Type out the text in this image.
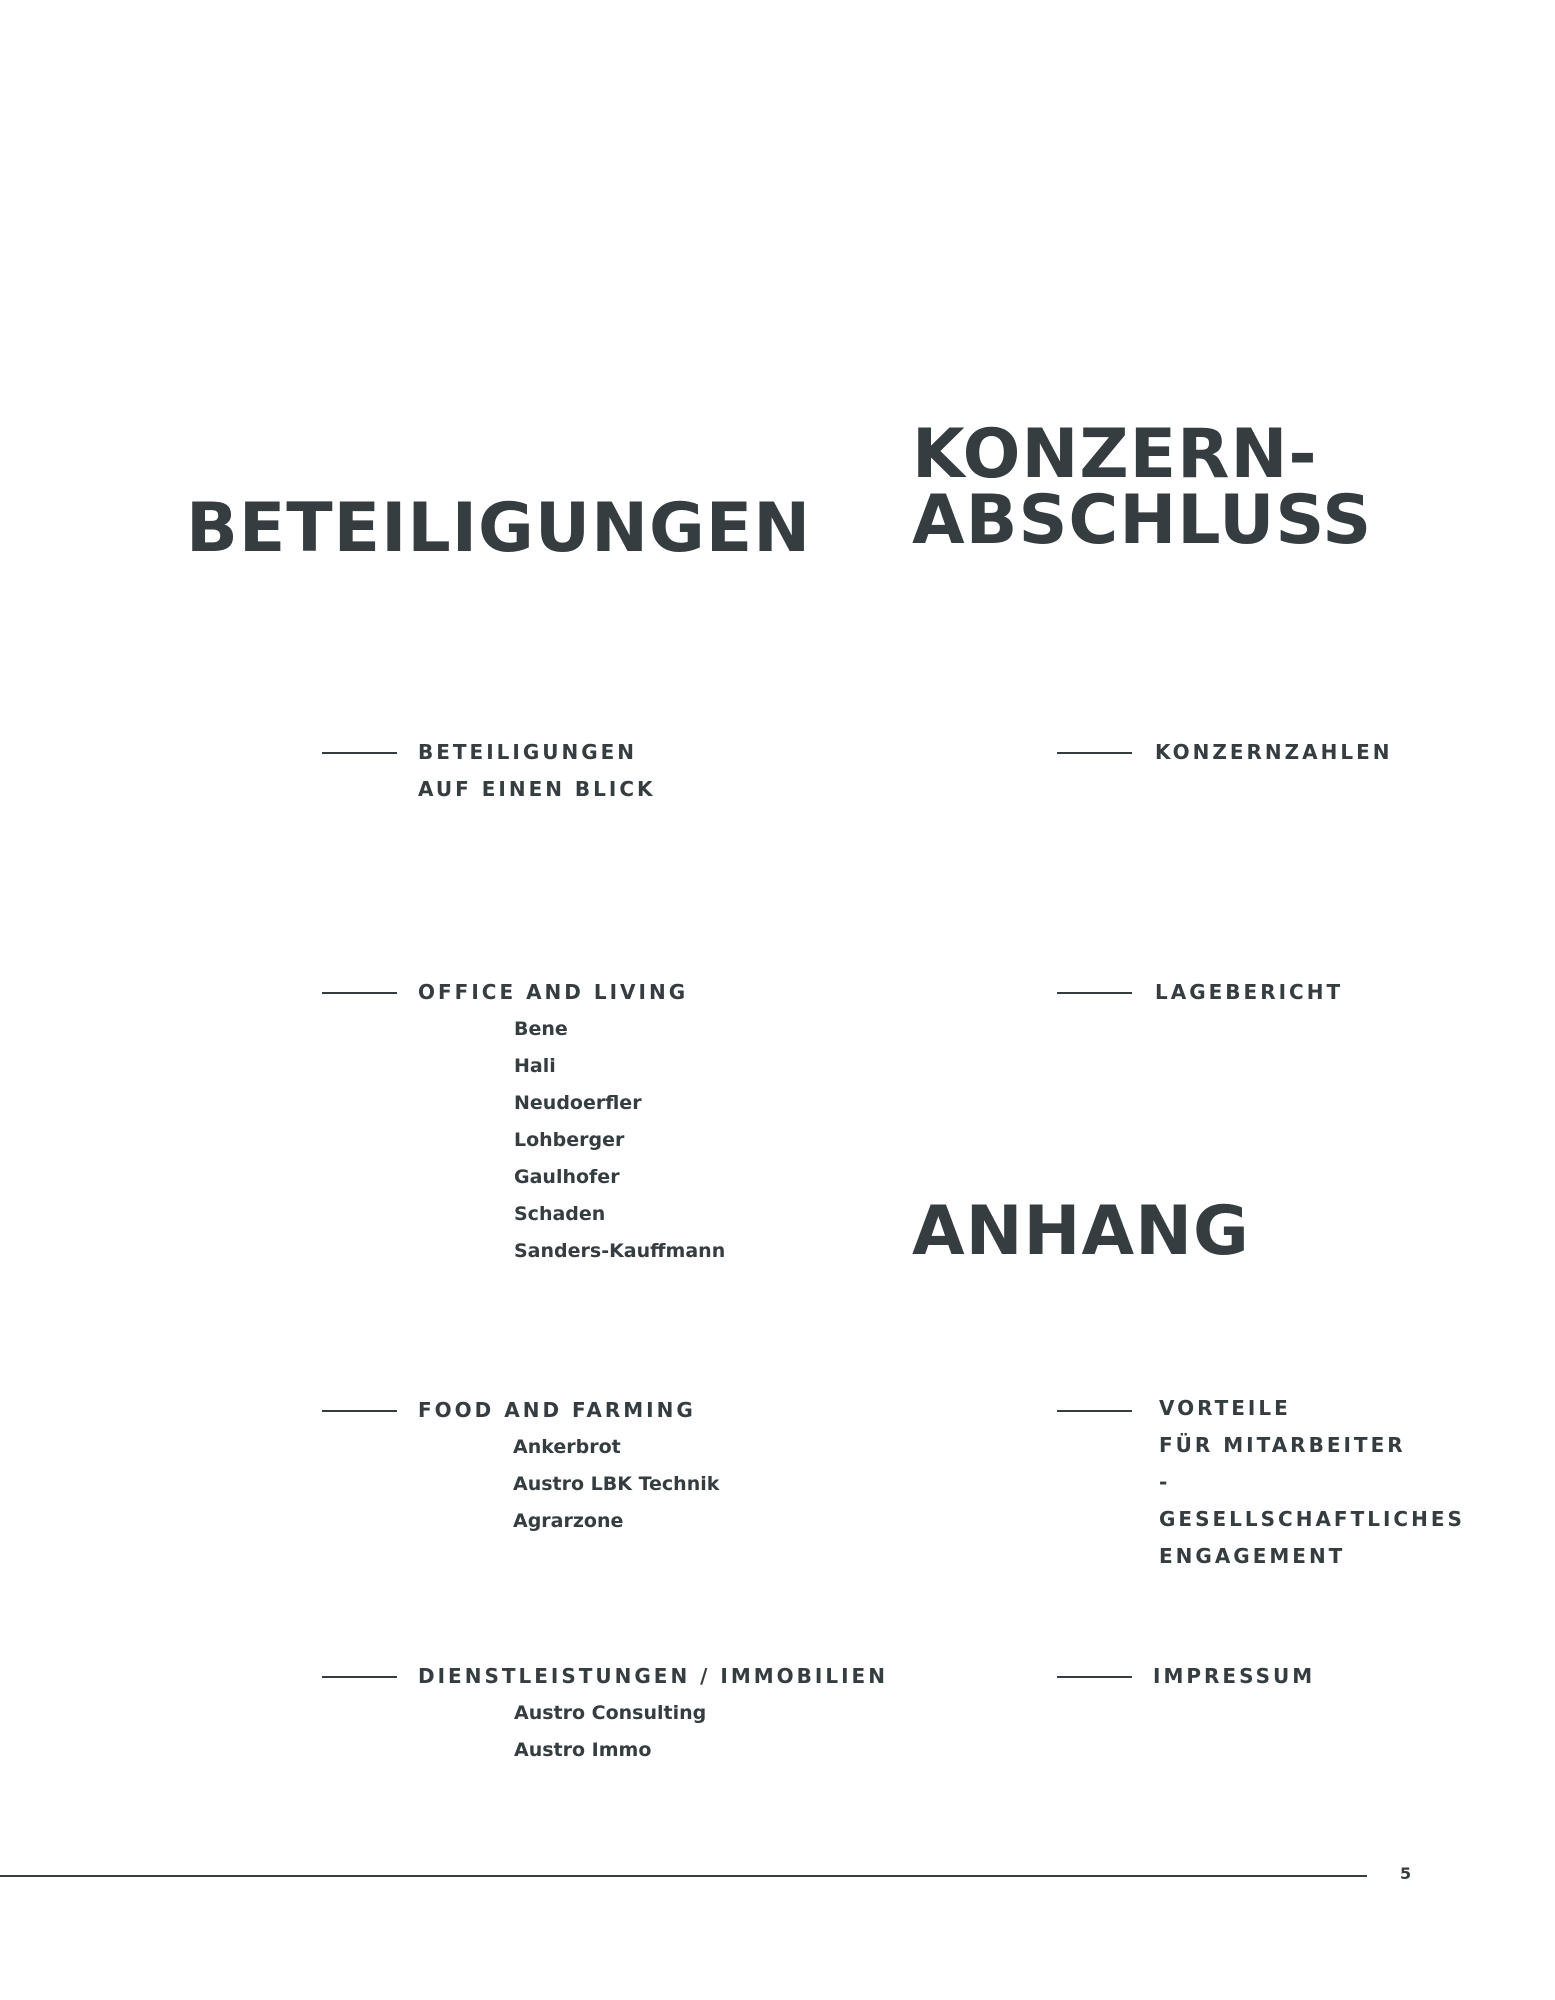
BETEILIGUNGEN
KONZERN-
ABSCHLUSS
ANHANG
BETEILIGUNGEN
AUF EINEN BLICK
OFFICE AND LIVING
Bene
Hali
Neudoerfler
Lohberger
Gaulhofer
Schaden
Sanders-Kauffmann
FOOD AND FARMING
Ankerbrot
Austro LBK Technik
Agrarzone
DIENSTLEISTUNGEN / IMMOBILIEN
Austro Consulting
Austro Immo
KONZERNZAHLEN
LAGEBERICHT
VORTEILE
FÜR MITARBEITER
-
GESELLSCHAFTLICHES
ENGAGEMENT
IMPRESSUM
5
